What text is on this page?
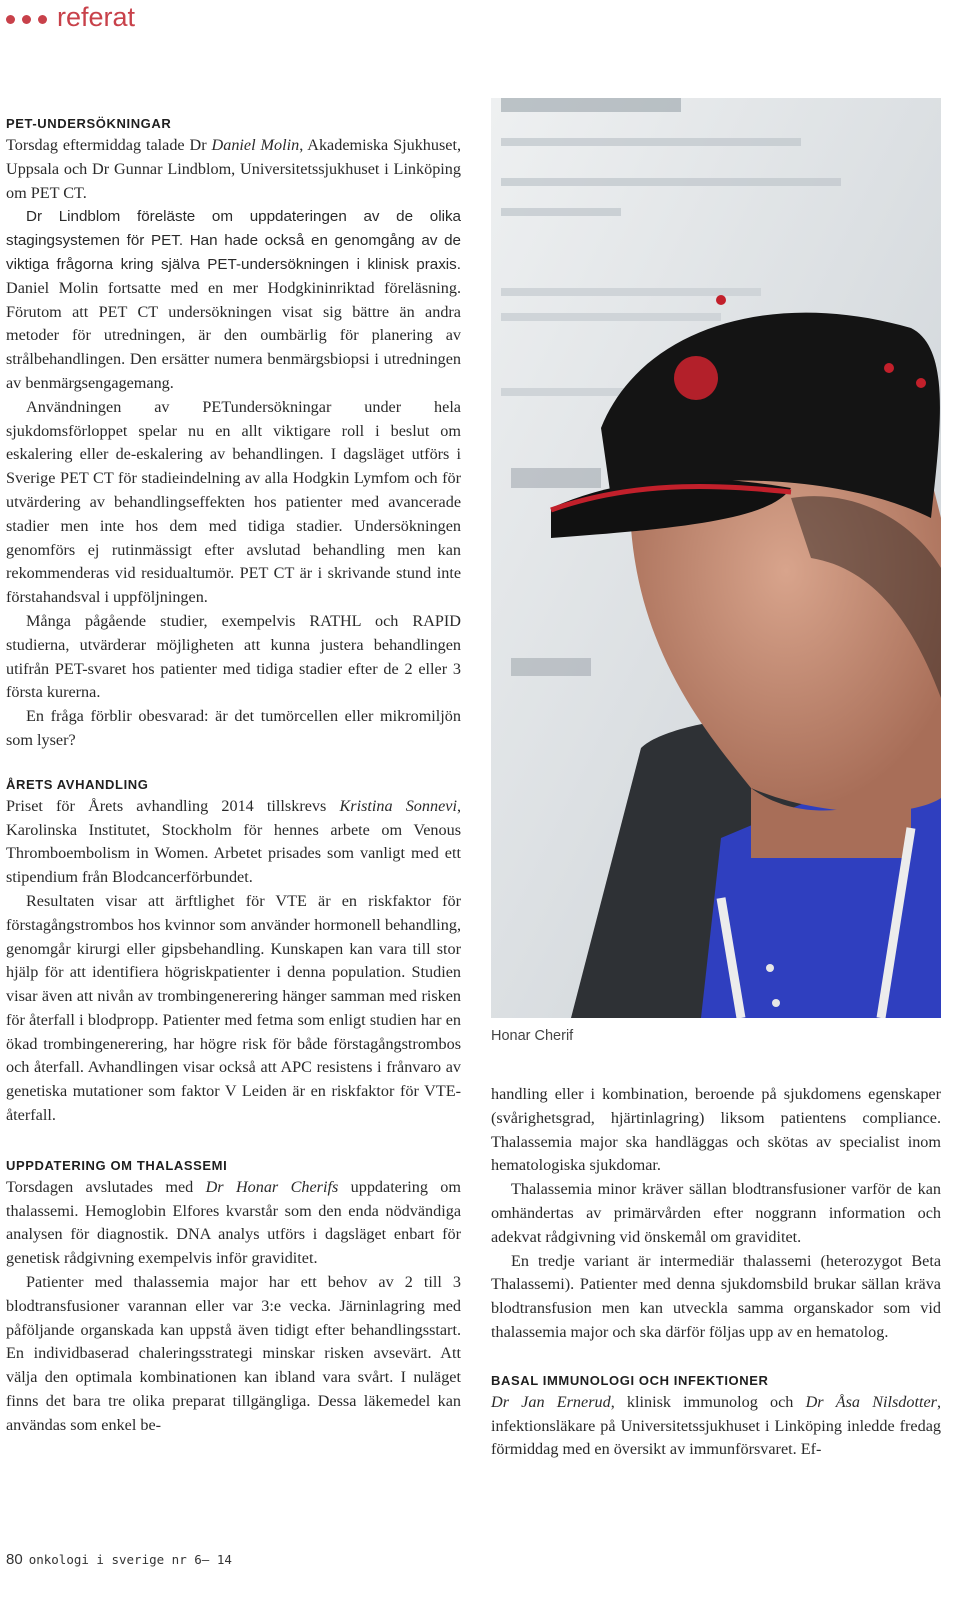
referat
PET-UNDERSÖKNINGAR

Torsdag eftermiddag talade Dr Daniel Molin, Akademiska Sjukhuset, Uppsala och Dr Gunnar Lindblom, Universitetssjukhuset i Linköping om PET CT.

Dr Lindblom föreläste om uppdateringen av de olika stagingsystemen för PET. Han hade också en genomgång av de viktiga frågorna kring själva PET-undersökningen i klinisk praxis. Daniel Molin fortsatte med en mer Hodgkininriktad föreläsning. Förutom att PET CT undersökningen visat sig bättre än andra metoder för utredningen, är den oumbärlig för planering av strålbehandlingen. Den ersätter numera benmärgsbiopsi i utredningen av benmärgsengagemang.

Användningen av PETundersökningar under hela sjukdomsförloppet spelar nu en allt viktigare roll i beslut om eskalering eller de-eskalering av behandlingen. I dagsläget utförs i Sverige PET CT för stadieindelning av alla Hodgkin Lymfom och för utvärdering av behandlingseffekten hos patienter med avancerade stadier men inte hos dem med tidiga stadier. Undersökningen genomförs ej rutinmässigt efter avslutad behandling men kan rekommenderas vid residualtumör. PET CT är i skrivande stund inte förstahandsval i uppföljningen.

Många pågående studier, exempelvis RATHL och RAPID studierna, utvärderar möjligheten att kunna justera behandlingen utifrån PET-svaret hos patienter med tidiga stadier efter de 2 eller 3 första kurerna.

En fråga förblir obesvarad: är det tumörcellen eller mikromiljön som lyser?

ÅRETS AVHANDLING

Priset för Årets avhandling 2014 tillskrevs Kristina Sonnevi, Karolinska Institutet, Stockholm för hennes arbete om Venous Thromboembolism in Women. Arbetet prisades som vanligt med ett stipendium från Blodcancerförbundet.

Resultaten visar att ärftlighet för VTE är en riskfaktor för förstagångstrombos hos kvinnor som använder hormonell behandling, genomgår kirurgi eller gipsbehandling. Kunskapen kan vara till stor hjälp för att identifiera högriskpatienter i denna population. Studien visar även att nivån av trombingenerering hänger samman med risken för återfall i blodpropp. Patienter med fetma som enligt studien har en ökad trombingenerering, har högre risk för både förstagångstrombos och återfall. Avhandlingen visar också att APC resistens i frånvaro av genetiska mutationer som faktor V Leiden är en riskfaktor för VTE-återfall.

UPPDATERING OM THALASSEMI

Torsdagen avslutades med Dr Honar Cherifs uppdatering om thalassemi. Hemoglobin Elfores kvarstår som den enda nödvändiga analysen för diagnostik. DNA analys utförs i dagsläget enbart för genetisk rådgivning exempelvis inför graviditet.

Patienter med thalassemia major har ett behov av 2 till 3 blodtransfusioner varannan eller var 3:e vecka. Järninlagring med påföljande organskada kan uppstå även tidigt efter behandlingsstart. En individbaserad chaleringsstrategi minskar risken avsevärt. Att välja den optimala kombinationen kan ibland vara svårt. I nuläget finns det bara tre olika preparat tillgängliga. Dessa läkemedel kan användas som enkel be-

Honar Cherif

handling eller i kombination, beroende på sjukdomens egenskaper (svårighetsgrad, hjärtinlagring) liksom patientens compliance. Thalassemia major ska handläggas och skötas av specialist inom hematologiska sjukdomar.

Thalassemia minor kräver sällan blodtransfusioner varför de kan omhändertas av primärvården efter noggrann information och adekvat rådgivning vid önskemål om graviditet.

En tredje variant är intermediär thalassemi (heterozygot Beta Thalassemi). Patienter med denna sjukdomsbild brukar sällan kräva blodtransfusion men kan utveckla samma organskador som vid thalassemia major och ska därför följas upp av en hematolog.

BASAL IMMUNOLOGI OCH INFEKTIONER

Dr Jan Ernerud, klinisk immunolog och Dr Åsa Nilsdotter, infektionsläkare på Universitetssjukhuset i Linköping inledde fredag förmiddag med en översikt av immunförsvaret. Ef-

80 onkologi i sverige nr 6– 14
